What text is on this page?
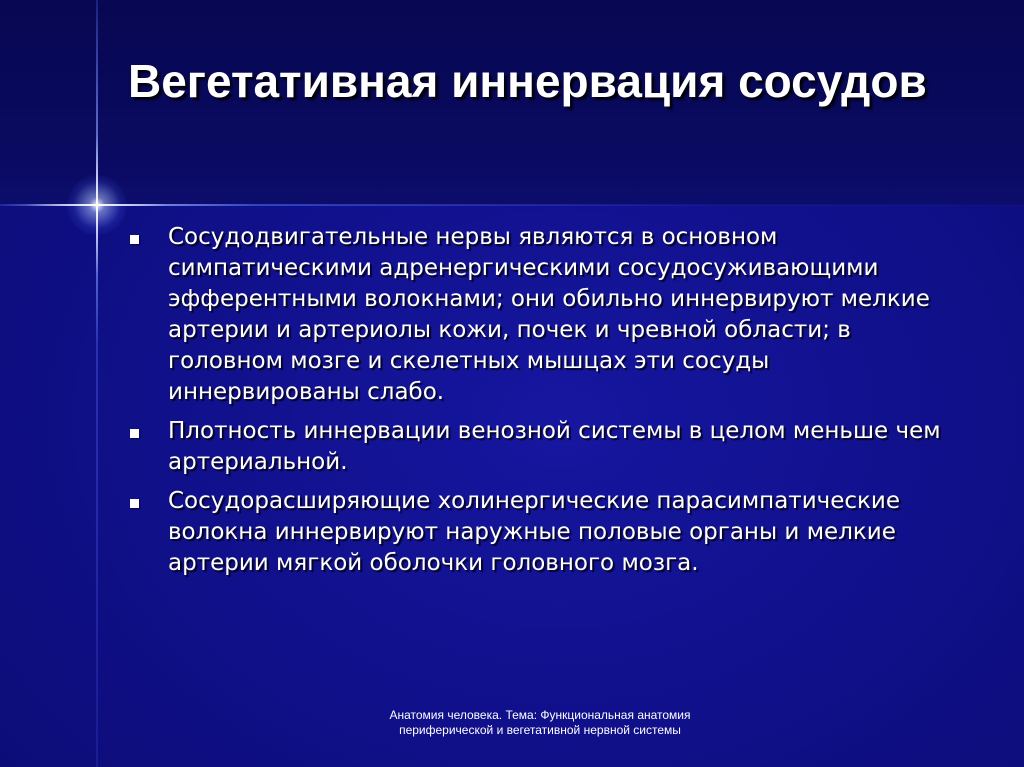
Вегетативная иннервация сосудов
Сосудодвигательные нервы являются в основном симпатическими адренергическими сосудосуживающими эфферентными волокнами; они обильно иннервируют мелкие артерии и артериолы кожи, почек и чревной области; в головном мозге и скелетных мышцах эти сосуды иннервированы слабо.
Плотность иннервации венозной системы в целом меньше чем артериальной.
Сосудорасширяющие холинергические парасимпатические волокна иннервируют наружные половые органы и мелкие артерии мягкой оболочки головного мозга.
Анатомия человека. Тема: Функциональная анатомия периферической и вегетативной нервной системы
